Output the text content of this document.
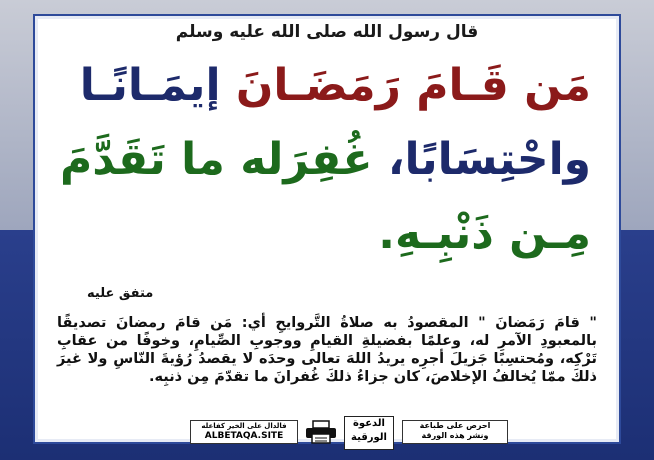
قال رسول الله صلى الله عليه وسلم
مَن قَـامَ رَمَضَـانَ إيمَـانًـا
واحْتِسَابًا، غُفِرَله ما تَقَدَّمَ
مِـن ذَنْبِـهِ.
متفق عليه
" قامَ رَمَضانَ " المقصودُ به صلاةُ التَّروايحِ أي: مَن قامَ رمضانَ تصديقًا بالمعبودِ الآمرِ له، وعلمًا بفضيلةِ القيامِ ووجوبِ الصِّيامِ، وخوفًا من عقابِ تَرْكِه، ومُحتسِبًا جَزيلَ أجرِه يريدُ اللهَ تعالى وحدَه لا يقصدُ رُؤيةَ النّاسِ ولا غيرَ ذلكَ ممّا يُخالفُ الإخلاصَ، كان جزاءُ ذلكَ غُفرانَ ما تقدّمَ مِن ذنبِه.
فالدال على الخير كفاعله
ALBETAQA.SITE
الدعوة
الورقية
احرص على طباعة
ونشر هذه الورقة
